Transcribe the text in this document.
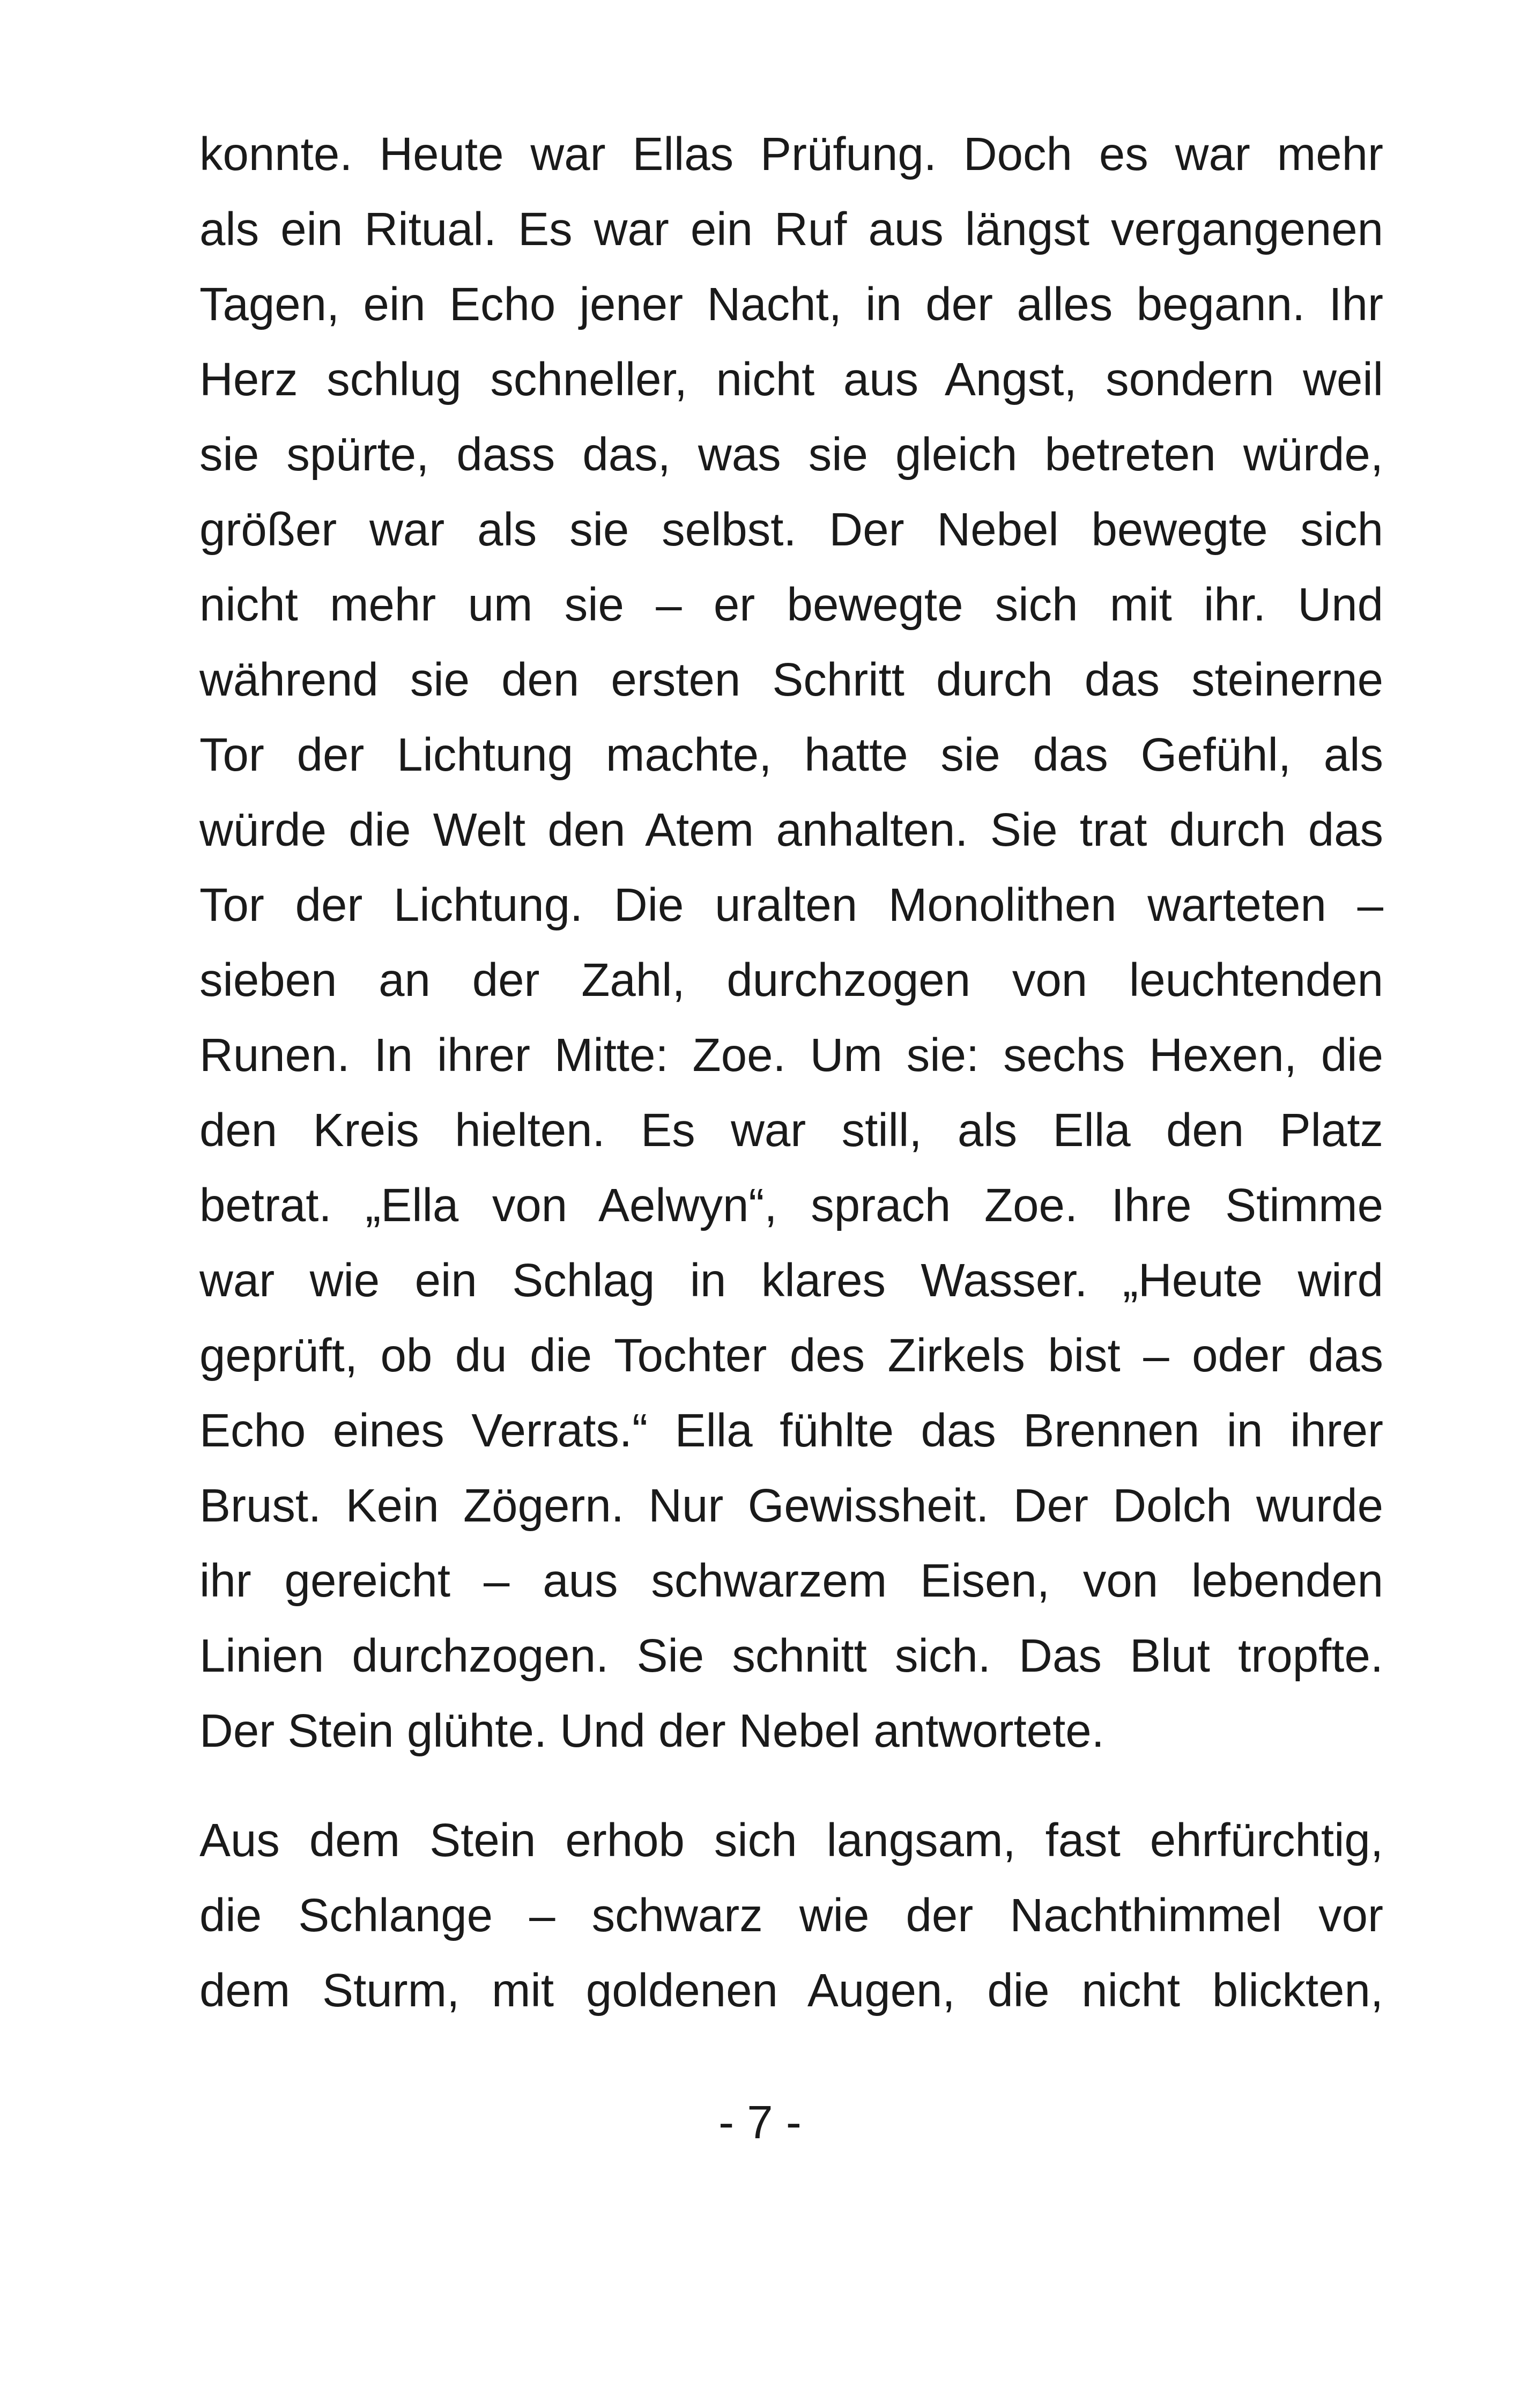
konnte. Heute war Ellas Prüfung. Doch es war mehr
als ein Ritual. Es war ein Ruf aus längst vergangenen
Tagen, ein Echo jener Nacht, in der alles begann. Ihr
Herz schlug schneller, nicht aus Angst, sondern weil
sie spürte, dass das, was sie gleich betreten würde,
größer war als sie selbst. Der Nebel bewegte sich
nicht mehr um sie – er bewegte sich mit ihr. Und
während sie den ersten Schritt durch das steinerne
Tor der Lichtung machte, hatte sie das Gefühl, als
würde die Welt den Atem anhalten. Sie trat durch das
Tor der Lichtung. Die uralten Monolithen warteten –
sieben an der Zahl, durchzogen von leuchtenden
Runen. In ihrer Mitte: Zoe. Um sie: sechs Hexen, die
den Kreis hielten. Es war still, als Ella den Platz
betrat. „Ella von Aelwyn“, sprach Zoe. Ihre Stimme
war wie ein Schlag in klares Wasser. „Heute wird
geprüft, ob du die Tochter des Zirkels bist – oder das
Echo eines Verrats.“ Ella fühlte das Brennen in ihrer
Brust. Kein Zögern. Nur Gewissheit. Der Dolch wurde
ihr gereicht – aus schwarzem Eisen, von lebenden
Linien durchzogen. Sie schnitt sich. Das Blut tropfte.
Der Stein glühte. Und der Nebel antwortete.
Aus dem Stein erhob sich langsam, fast ehrfürchtig,
die Schlange – schwarz wie der Nachthimmel vor
dem Sturm, mit goldenen Augen, die nicht blickten,
- 7 -
